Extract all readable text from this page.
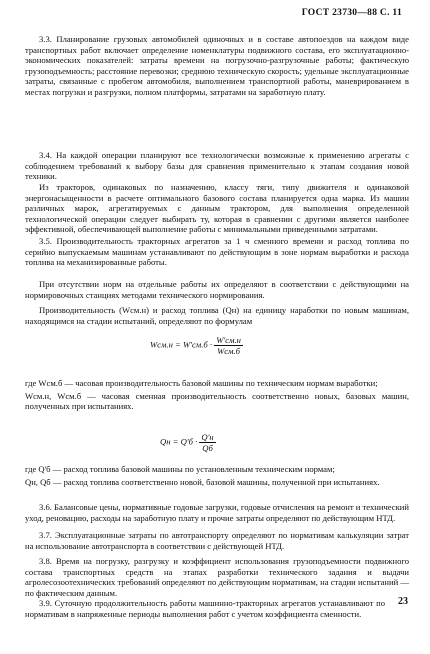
ГОСТ 23730—88 С. 11

3.3. Планирование грузовых автомобилей одиночных и в составе автопоездов на каждом виде транспортных работ включает определение номенклатуры подвижного состава, его эксплуатационно-экономических показателей: затраты времени на погрузочно-разгрузочные работы; фактическую грузоподъемность; расстояние перевозки; среднюю техническую скорость; удельные эксплуатационные затраты, связанные с пробегом автомобиля, выполнением транспортной работы, маневрированием в местах погрузки и разгрузки, полном платформы, затратами на заработную плату.

3.4. На каждой операции планируют все технологически возможные к применению агрегаты с соблюдением требований к выбору базы для сравнения применительно к этапам создания новой техники.

Из тракторов, одинаковых по назначению, классу тяги, типу движителя и одинаковой энергонасыщенности в расчете оптимального базового состава планируется одна марка. Из машин различных марок, агрегатируемых с данным трактором, для выполнения определенной технологической операции следует выбирать ту, которая в сравнении с другими является наиболее эффективной, обеспечивающей выполнение работы с минимальными приведенными затратами.

3.5. Производительность тракторных агрегатов за 1 ч сменного времени и расход топлива по серийно выпускаемым машинам устанавливают по действующим в зоне нормам выработки и расхода топлива на механизированные работы.

При отсутствии норм на отдельные работы их определяют в соответствии с действующими на нормировочных станциях методами технического нормирования.

Производительность (Wсм.н) и расход топлива (Qн) на единицу наработки по новым машинам, находящимся на стадии испытаний, определяют по формулам

$Wсм.н = W'см.б \cdot \frac{W'см.н}{\text{Wсм.б}}$
где Wсм.б — часовая производительность базовой машины по техническим нормам выработки;
Wсм.н, Wсм.б — часовая сменная производительность соответственно новых, базовых машин, полученных при испытаниях.
Qн = $Q'б \cdot \frac{Q'н}{Qб}$
где Q'б — расход топлива базовой машины по установленным техническим нормам;
Qн, Qб — расход топлива соответственно новой, базовой машины, полученной при испытаниях.

3.6. Балансовые цены, нормативные годовые загрузки, годовые отчисления на ремонт и технический уход, реновацию, расходы на заработную плату и прочие затраты определяют по действующим НТД.

3.7. Эксплуатационные затраты по автотранспорту определяют по нормативам калькуляции затрат на использование автотранспорта в соответствии с действующей НТД.

3.8. Время на погрузку, разгрузку и коэффициент использования грузоподъемности подвижного состава транспортных средств на этапах разработки технического задания и выдачи агролесозоотехнических требований определяют по действующим нормативам, на стадии испытаний — по фактическим данным.

3.9. Суточную продолжительность работы машинно-тракторных агрегатов устанавливают по нормативам в напряженные периоды выполнения работ с учетом коэффициента сменности.

23
